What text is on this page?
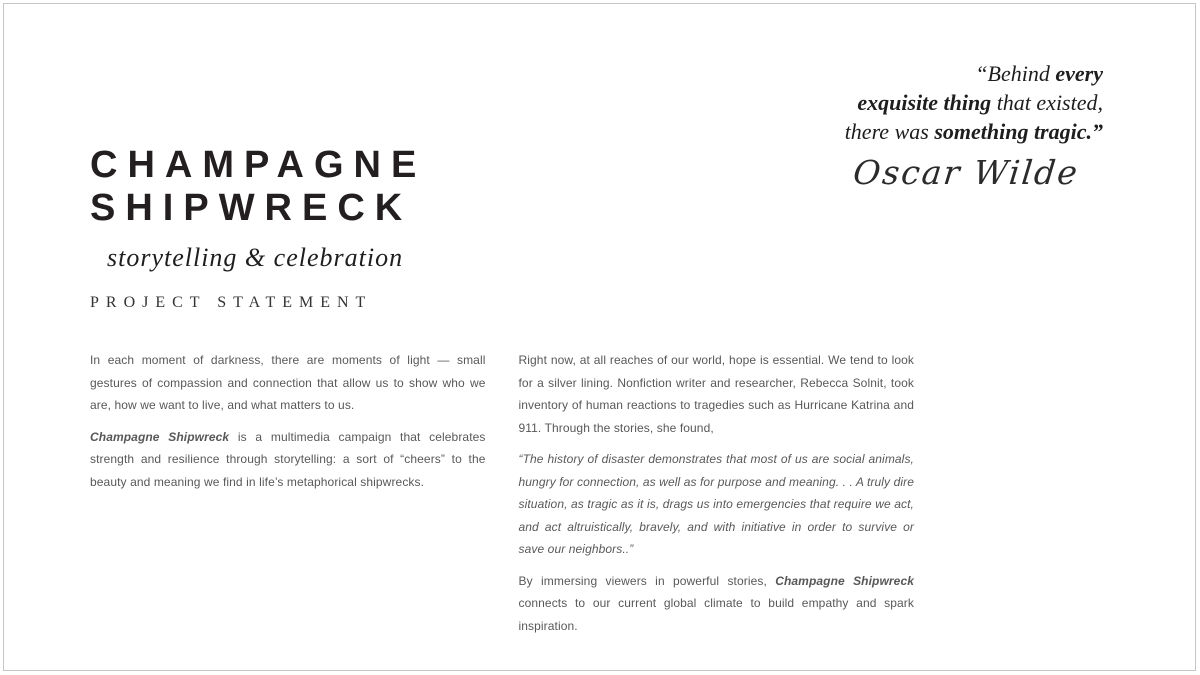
“Behind every
exquisite thing that existed,
there was something tragic.”
Oscar Wilde
CHAMPAGNE
SHIPWRECK
storytelling & celebration
PROJECT STATEMENT

In each moment of darkness, there are moments of light — small gestures of compassion and connection that allow us to show who we are, how we want to live, and what matters to us.

Champagne Shipwreck is a multimedia campaign that celebrates strength and resilience through storytelling: a sort of “cheers” to the beauty and meaning we find in life’s metaphorical shipwrecks.

Right now, at all reaches of our world, hope is essential. We tend to look for a silver lining. Nonfiction writer and researcher, Rebecca Solnit, took inventory of human reactions to tragedies such as Hurricane Katrina and 911. Through the stories, she found,

“The history of disaster demonstrates that most of us are social animals, hungry for connection, as well as for purpose and meaning. . . A truly dire situation, as tragic as it is, drags us into emergencies that require we act, and act altruistically, bravely, and with initiative in order to survive or save our neighbors..”

By immersing viewers in powerful stories, Champagne Shipwreck connects to our current global climate to build empathy and spark inspiration.
